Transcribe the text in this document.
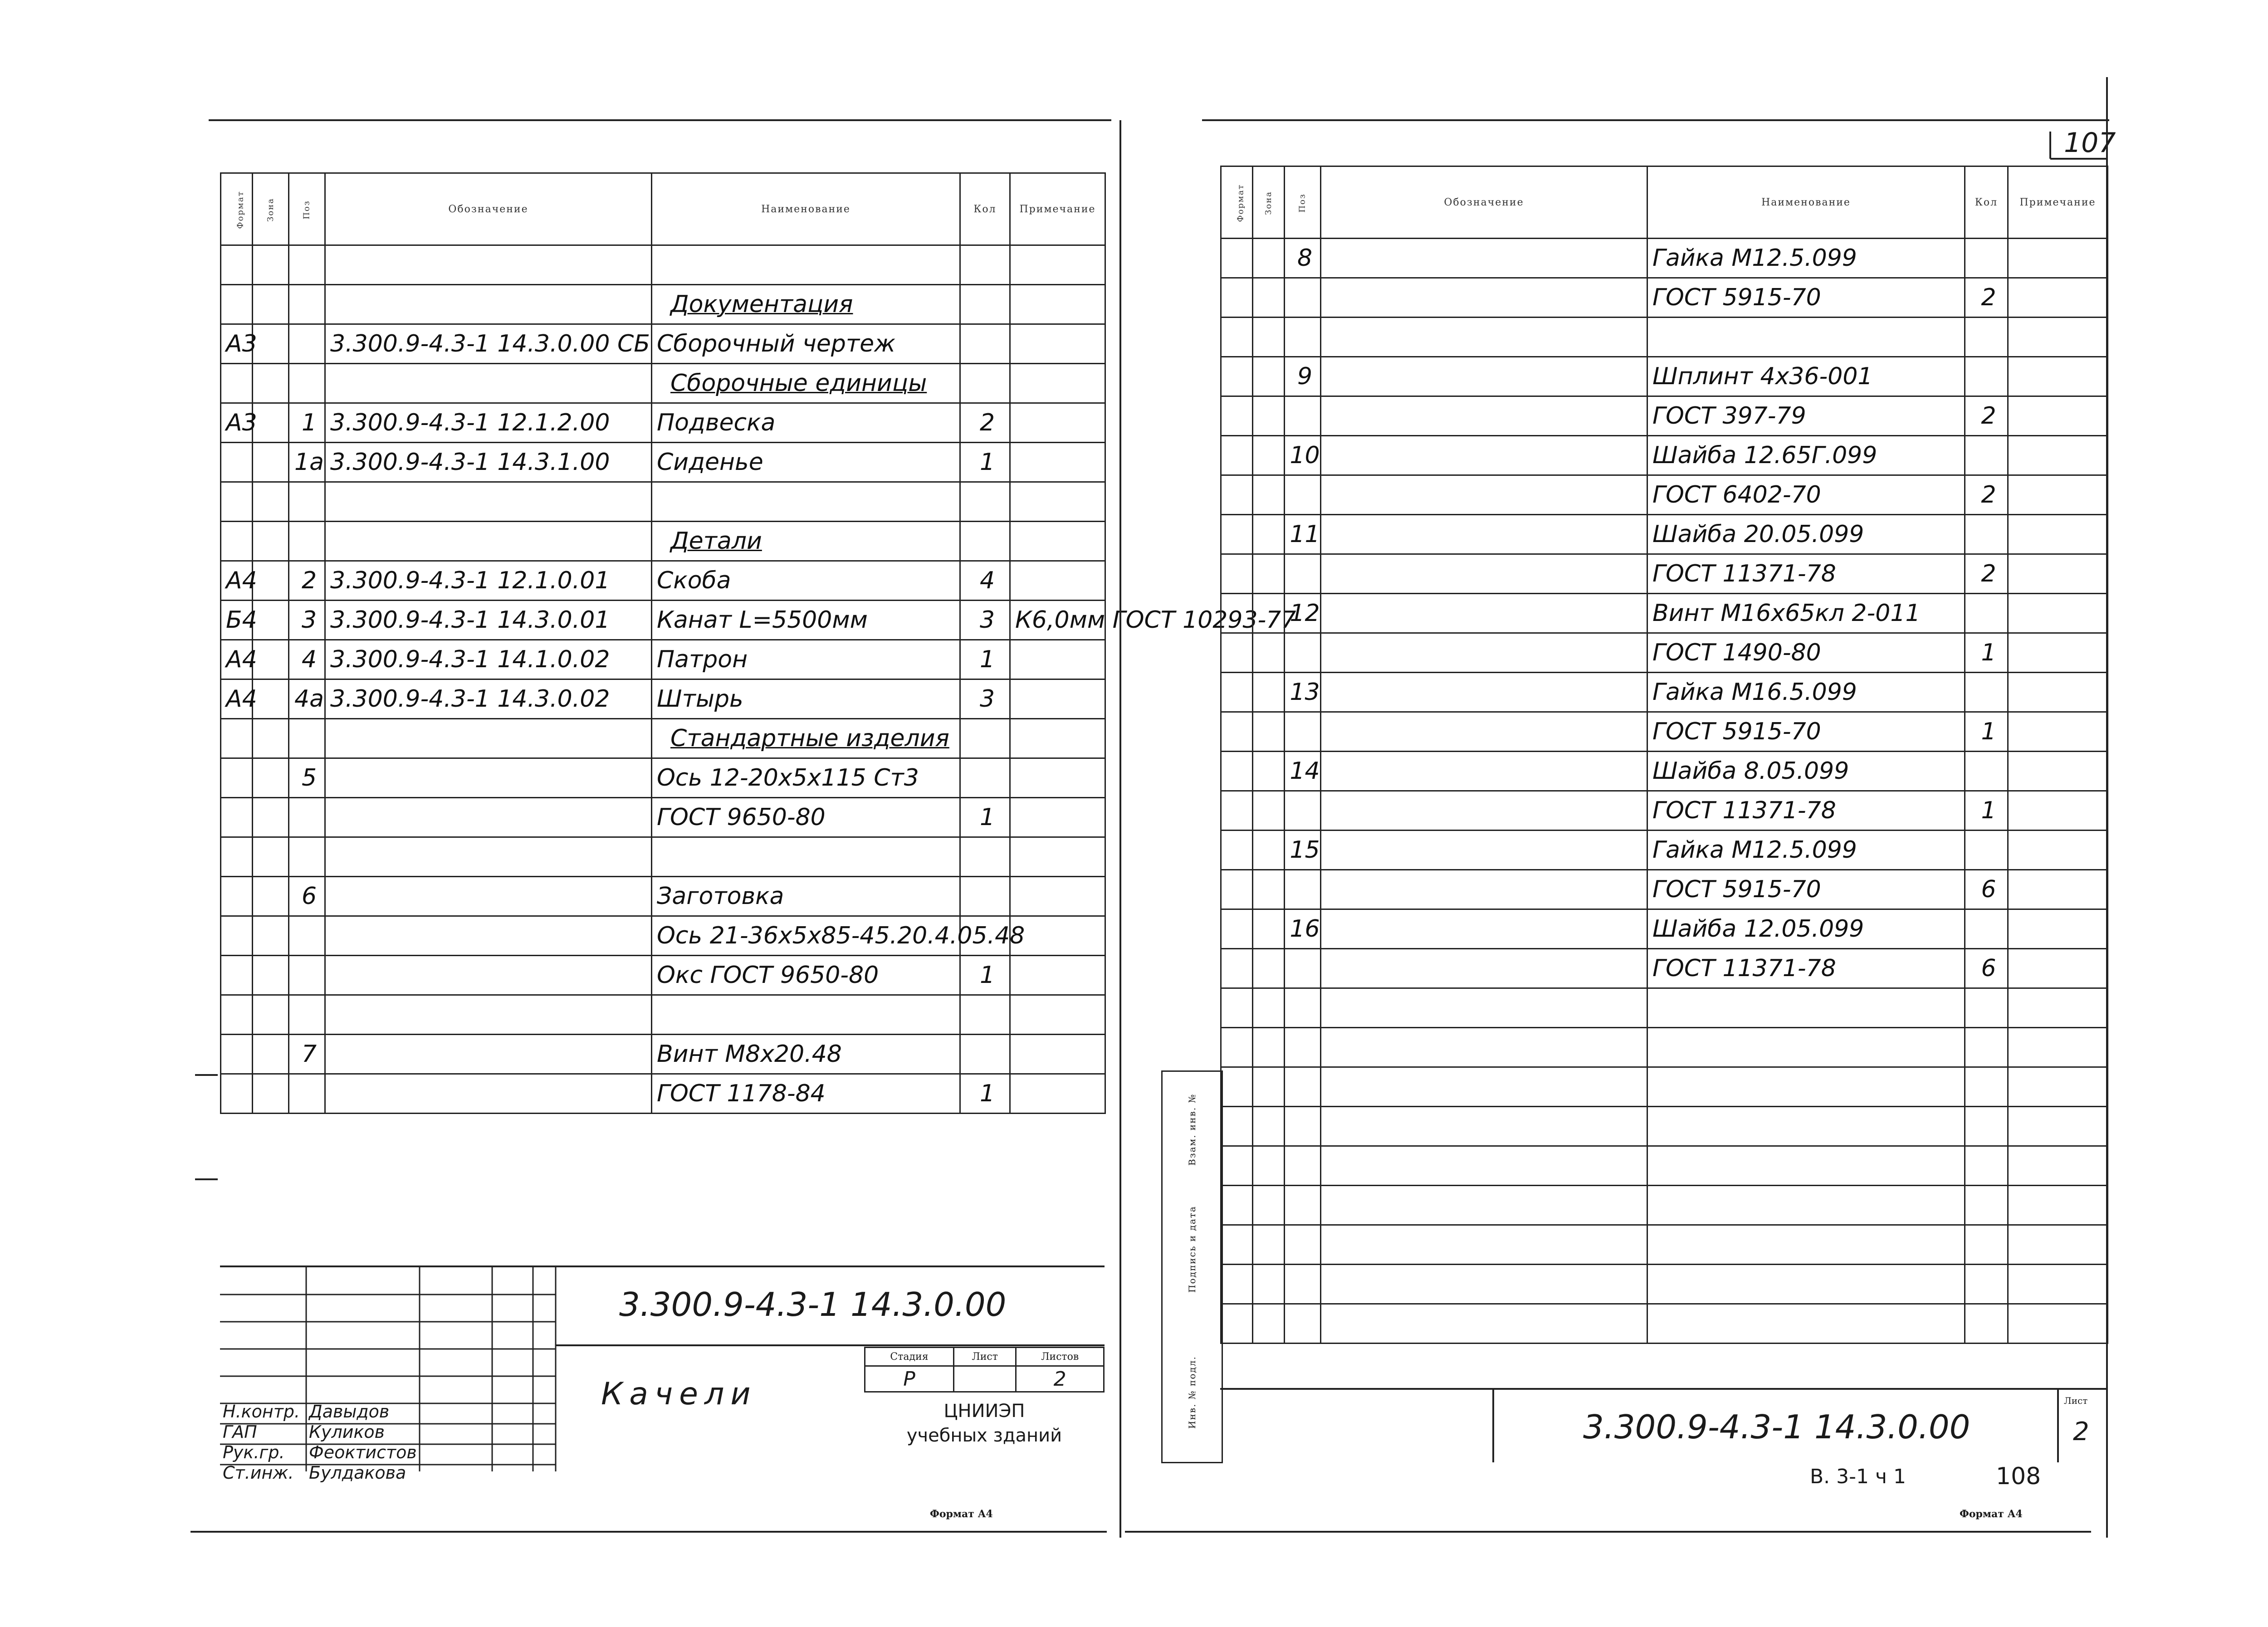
Формат	Зона	Поз	Обозначение	Наименование	Кол	Примечание

				Документация		
А3			3.300.9-4.3-1 14.3.0.00 СБ	Сборочный чертеж		
				Сборочные единицы		
А3		1	3.300.9-4.3-1 12.1.2.00	Подвеска	2	
		1а	3.300.9-4.3-1 14.3.1.00	Сиденье	1	

				Детали		
А4		2	3.300.9-4.3-1 12.1.0.01	Скоба	4	
Б4		3	3.300.9-4.3-1 14.3.0.01	Канат L=5500мм	3	К6,0мм ГОСТ 10293-77
А4		4	3.300.9-4.3-1 14.1.0.02	Патрон	1	
А4		4а	3.300.9-4.3-1 14.3.0.02	Штырь	3	
				Стандартные изделия		
		5		Ось 12-20х5х115 Ст3		
				ГОСТ 9650-80	1	

		6		Заготовка		
				Ось 21-36х5х85-45.20.4.05.48		
				Окс ГОСТ 9650-80	1	

		7		Винт М8х20.48		
				ГОСТ 1178-84	1	
3.300.9-4.3-1 14.3.0.00
Качели
Н.контр. Давыдов
ГАП	Куликов
Рук.гр. Феоктистов
Ст.инж. Булдакова
Стадия	Лист	Листов
Р		2
ЦНИИЭП
учебных зданий
Формат А4
Формат	Зона	Поз	Обозначение	Наименование	Кол	Примечание
		8		Гайка М12.5.099		
				ГОСТ 5915-70	2	

		9		Шплинт 4х36-001		
				ГОСТ 397-79	2	
		10		Шайба 12.65Г.099		
				ГОСТ 6402-70	2	
		11		Шайба 20.05.099		
				ГОСТ 11371-78	2	
		12		Винт М16х65кл 2-011		
				ГОСТ 1490-80	1	
		13		Гайка М16.5.099		
				ГОСТ 5915-70	1	
		14		Шайба 8.05.099		
				ГОСТ 11371-78	1	
		15		Гайка М12.5.099		
				ГОСТ 5915-70	6	
		16		Шайба 12.05.099		
				ГОСТ 11371-78	6	

Взам. инв. №
Подпись и дата
Инв. № подл.	3.300.9-4.3-1 14.3.0.00
Лист
2
Формат А4
107
108
В. 3-1 ч 1
